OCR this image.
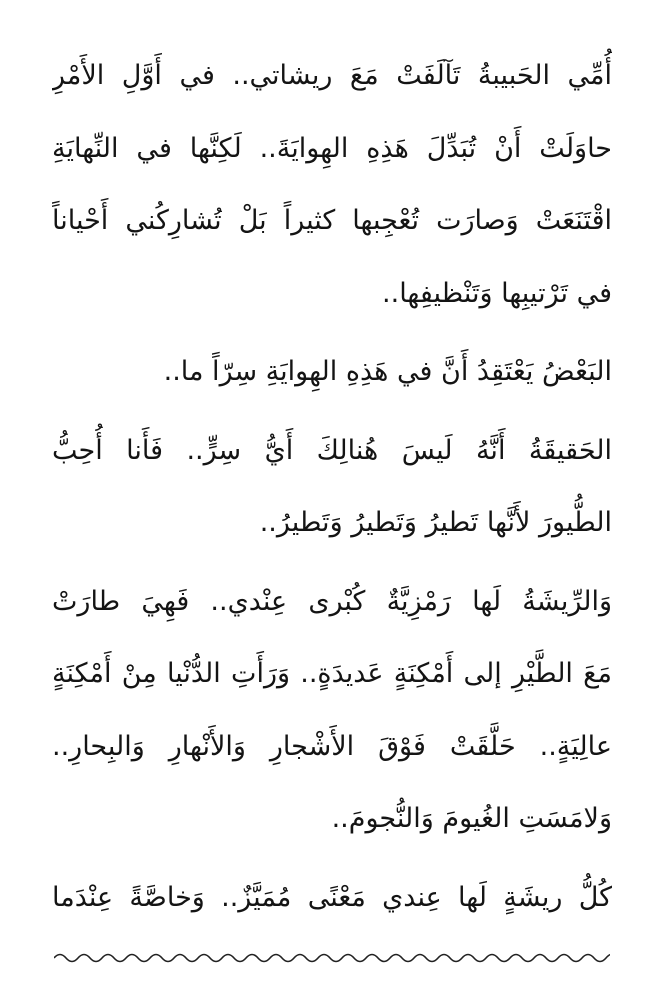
أُمِّي الحَبيبةُ تَآلَفَتْ مَعَ ريشاتي.. في أَوَّلِ الأَمْرِ
حاوَلَتْ أَنْ تُبَدِّلَ هَذِهِ الهِوايَةَ.. لَكِنَّها في النِّهايَةِ
اقْتَنَعَتْ وَصارَت تُعْجِبها كثيراً بَلْ تُشارِكُني أَحْياناً
في تَرْتيبِها وَتَنْظيفِها..
البَعْضُ يَعْتَقِدُ أَنَّ في هَذِهِ الهِوايَةِ سِرّاً ما..
الحَقيقَةُ أَنَّهُ لَيسَ هُنالِكَ أَيُّ سِرٍّ.. فَأَنا أُحِبُّ
الطُّيورَ لأَنَّها تَطيرُ وَتَطيرُ وَتَطيرُ..
وَالرِّيشَةُ لَها رَمْزِيَّةٌ كُبْرى عِنْدي.. فَهِيَ طارَتْ
مَعَ الطَّيْرِ إلى أَمْكِنَةٍ عَديدَةٍ.. وَرَأَتِ الدُّنْيا مِنْ أَمْكِنَةٍ
عالِيَةٍ.. حَلَّقَتْ فَوْقَ الأَشْجارِ وَالأَنْهارِ وَالبِحارِ..
وَلامَسَتِ الغُيومَ وَالنُّجومَ..
كُلُّ ريشَةٍ لَها عِندي مَعْنًى مُمَيَّزٌ.. وَخاصَّةً عِنْدَما
